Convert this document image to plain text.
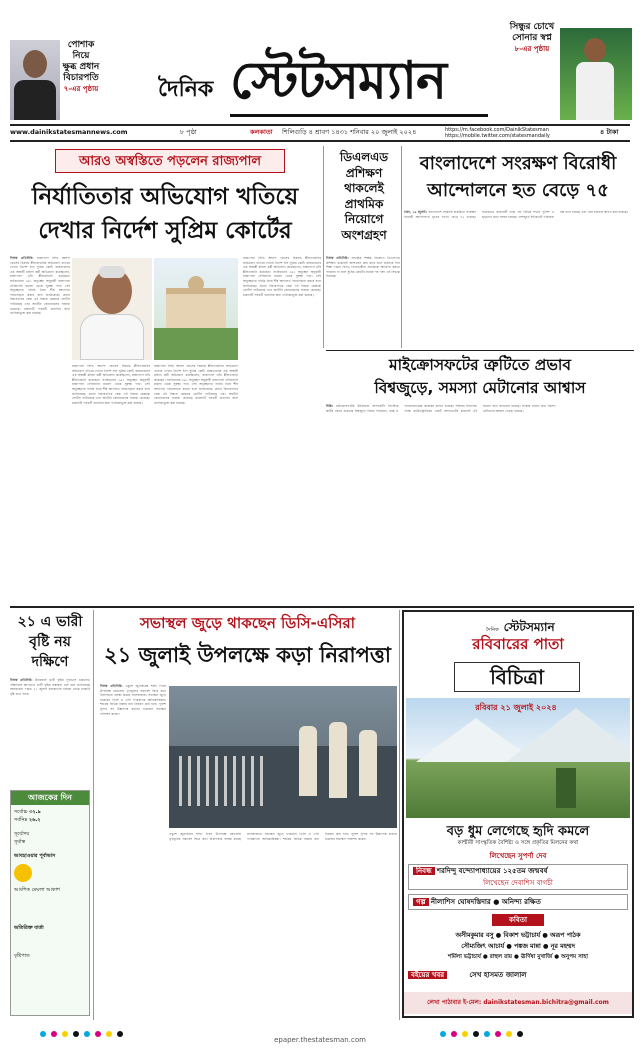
পোশাক নিয়ে
ক্ষুব্ধ প্রধান
বিচারপতি
৭-এর পৃষ্ঠায়	দৈনিক স্টেটসম্যান
সিন্ধুর চোখে
সোনার স্বপ্ন
৮-এর পৃষ্ঠায়
www.dainikstatesmannews.com	৮ পৃষ্ঠা	কলকাতা শিলিগুড়ি ৪ শ্রাবণ ১৪৩১ শনিবার ২০ জুলাই ২০২৪	৪ টাকা
https://m.facebook.com/DainikStatesman
https://mobile.twitter.com/statesmandaily
আরও অস্বস্তিতে পড়লেন রাজ্যপাল
নির্যাতিতার অভিযোগ খতিয়ে
দেখার নির্দেশ সুপ্রিম কোর্টের
নিজস্ব প্রতিনিধি: রাজ্যপাল সিভি আনন্দ বোসের বিরুদ্ধে শ্লীলতাহানির অভিযোগ খতিয়ে দেখার নির্দেশ দিল সুপ্রিম কোর্ট। রাজভবনের এক অস্থায়ী মহিলা কর্মী অভিযোগ করেছিলেন, রাজ্যপাল তাঁর শ্লীলতাহানি করেছেন। সংবিধানের ৩৬১ অনুচ্ছেদ অনুযায়ী রাজ্যপাল ফৌজদারি মামলা থেকে সুরক্ষা পান। সেই অনুচ্ছেদের পরিধি নিয়ে শীর্ষ আদালত পর্যালোচনা করবে বলে জানিয়েছে। প্রধান বিচারপতির বেঞ্চ এই বিষয়ে কেন্দ্রকে নোটিস পাঠিয়েছে এবং অ্যাটর্নি জেনারেলের সাহায্য চেয়েছে। মামলাটি পরবর্তী শুনানির জন্য তালিকাভুক্ত করা হয়েছে।
রাজ্যপাল সিভি আনন্দ বোসের বিরুদ্ধে শ্লীলতাহানির অভিযোগ খতিয়ে দেখার নির্দেশ দিল সুপ্রিম কোর্ট। রাজভবনের এক অস্থায়ী মহিলা কর্মী অভিযোগ করেছিলেন, রাজ্যপাল তাঁর শ্লীলতাহানি করেছেন। সংবিধানের ৩৬১ অনুচ্ছেদ অনুযায়ী রাজ্যপাল ফৌজদারি মামলা থেকে সুরক্ষা পান। সেই অনুচ্ছেদের পরিধি নিয়ে শীর্ষ আদালত পর্যালোচনা করবে বলে জানিয়েছে। প্রধান বিচারপতির বেঞ্চ এই বিষয়ে কেন্দ্রকে নোটিস পাঠিয়েছে এবং অ্যাটর্নি জেনারেলের সাহায্য চেয়েছে। মামলাটি পরবর্তী শুনানির জন্য তালিকাভুক্ত করা হয়েছে।
রাজ্যপাল সিভি আনন্দ বোসের বিরুদ্ধে শ্লীলতাহানির অভিযোগ খতিয়ে দেখার নির্দেশ দিল সুপ্রিম কোর্ট। রাজভবনের এক অস্থায়ী মহিলা কর্মী অভিযোগ করেছিলেন, রাজ্যপাল তাঁর শ্লীলতাহানি করেছেন। সংবিধানের ৩৬১ অনুচ্ছেদ অনুযায়ী রাজ্যপাল ফৌজদারি মামলা থেকে সুরক্ষা পান। সেই অনুচ্ছেদের পরিধি নিয়ে শীর্ষ আদালত পর্যালোচনা করবে বলে জানিয়েছে। প্রধান বিচারপতির বেঞ্চ এই বিষয়ে কেন্দ্রকে নোটিস পাঠিয়েছে এবং অ্যাটর্নি জেনারেলের সাহায্য চেয়েছে। মামলাটি পরবর্তী শুনানির জন্য তালিকাভুক্ত করা হয়েছে।
রাজ্যপাল সিভি আনন্দ বোসের বিরুদ্ধে শ্লীলতাহানির অভিযোগ খতিয়ে দেখার নির্দেশ দিল সুপ্রিম কোর্ট। রাজভবনের এক অস্থায়ী মহিলা কর্মী অভিযোগ করেছিলেন, রাজ্যপাল তাঁর শ্লীলতাহানি করেছেন। সংবিধানের ৩৬১ অনুচ্ছেদ অনুযায়ী রাজ্যপাল ফৌজদারি মামলা থেকে সুরক্ষা পান। সেই অনুচ্ছেদের পরিধি নিয়ে শীর্ষ আদালত পর্যালোচনা করবে বলে জানিয়েছে। প্রধান বিচারপতির বেঞ্চ এই বিষয়ে কেন্দ্রকে নোটিস পাঠিয়েছে এবং অ্যাটর্নি জেনারেলের সাহায্য চেয়েছে। মামলাটি পরবর্তী শুনানির জন্য তালিকাভুক্ত করা হয়েছে।
ডিএলএড প্রশিক্ষণ থাকলেই প্রাথমিক নিয়োগে অংশগ্রহণ
নিজস্ব প্রতিনিধি: প্রাথমিক শিক্ষক নিয়োগে ডিএলএড প্রশিক্ষণ থাকলেই অংশগ্রহণ করা যাবে বলে জানিয়ে দিল শিক্ষা দপ্তর। বিএড ডিগ্রিধারীরা প্রাথমিকে আবেদন করতে পারবেন না বলে সুপ্রিম কোর্টের রায়ের পর পর্ষদ এই সিদ্ধান্ত নিয়েছে।
বাংলাদেশে সংরক্ষণ বিরোধী
আন্দোলনে হত বেড়ে ৭৫
ঢাকা, ১৯ জুলাই: বাংলাদেশে সরকারি চাকরিতে সংরক্ষণ বিরোধী আন্দোলনে মৃতের সংখ্যা বেড়ে ৭৫ হয়েছে। শুক্রবারও রাজধানী ঢাকা সহ বিভিন্ন শহরে পুলিশ ও ছাত্রদের মধ্যে সংঘর্ষ হয়েছে। দেশজুড়ে ইন্টারনেট পরিষেবা বন্ধ রাখা হয়েছে এবং রেল চলাচল স্থগিত করা হয়েছে।
মাইক্রোসফটের ত্রুটিতে প্রভাব
বিশ্বজুড়ে, সমস্যা মেটানোর আশ্বাস
দিল্লি: মাইক্রোসফটের উইন্ডোজ অপারেটিং সিস্টেমে ত্রুটির জেরে শুক্রবার বিশ্বজুড়ে বিমান পরিষেবা, ব্যাঙ্ক ও সংবাদমাধ্যমের কাজকর্ম ব্যাহত হয়েছে। সাইবার নিরাপত্তা সংস্থা ক্রাউডস্ট্রাইকের একটি আপডেটের কারণেই এই সমস্যা বলে জানানো হয়েছে। সংস্থার তরফে দ্রুত সমস্যা মেটানোর আশ্বাস দেওয়া হয়েছে।
২১ এ ভারী বৃষ্টি নয় দক্ষিণে
নিজস্ব প্রতিনিধি: উত্তরবঙ্গে ভারী বৃষ্টির পূর্বাভাস থাকলেও দক্ষিণবঙ্গে আপাতত ভারী বৃষ্টির সম্ভাবনা নেই বলে জানিয়েছে আবহাওয়া দপ্তর। ২১ জুলাই কলকাতায় হালকা থেকে মাঝারি বৃষ্টি হতে পারে।
আজকের দিন
সর্বোচ্চ ৩২.৯
সর্বনিম্ন ২৬.২
সূর্যোদয়
সূর্যাস্ত
আবহাওয়ার পূর্বাভাস
আংশিক মেঘলা আকাশ
অতিরিক্ত বার্তা
বৃষ্টিপাত
সভাস্থল জুড়ে থাকছেন ডিসি-এসিরা
২১ জুলাই উপলক্ষে কড়া নিরাপত্তা
নিজস্ব প্রতিনিধি: একুশে জুলাইয়ের শহিদ দিবস উপলক্ষে ধর্মতলায় তৃণমূলের সমাবেশ ঘিরে কড়া নিরাপত্তার ব্যবস্থা করছে লালবাজার। সভাস্থল জুড়ে থাকবেন ডিসি ও এসি পদমর্যাদার আধিকারিকরা। শহরের বিভিন্ন রাস্তায় যান নিয়ন্ত্রণ করা হবে। পুলিশ সুপার সহ উচ্চপদস্থ কর্তারা শুক্রবার সভাস্থল পরিদর্শন করেন।
একুশে জুলাইয়ের শহিদ দিবস উপলক্ষে ধর্মতলায় তৃণমূলের সমাবেশ ঘিরে কড়া নিরাপত্তার ব্যবস্থা করছে লালবাজার। সভাস্থল জুড়ে থাকবেন ডিসি ও এসি পদমর্যাদার আধিকারিকরা। শহরের বিভিন্ন রাস্তায় যান নিয়ন্ত্রণ করা হবে। পুলিশ সুপার সহ উচ্চপদস্থ কর্তারা শুক্রবার সভাস্থল পরিদর্শন করেন।
দৈনিক স্টেটসম্যান
রবিবারের পাতা
বিচিত্রা
রবিবার ২১ জুলাই ২০২৪
বড় ধুম লেগেছে হৃদি কমলে
কাশ্মীরী সাংস্কৃতিক বৈশিষ্ট্য ও সঙ্গে প্রকৃতির মিলনের কথা
লিখেছেন সুপর্ণা দেব
নিবন্ধ শরদিন্দু বন্দ্যোপাধ্যায়ের ১২৫তম জন্মবর্ষ
লিখেছেন দেবাশিস বাগচী
গল্প নীলাশিস ঘোষদস্তিদার ● অনিন্দ্য রক্ষিত
কবিতা
অসীমকুমার বসু ● বিকাশ ভট্টাচার্য ● অরূপ পাঠক
সৌম্যজিৎ আচার্য ● পঙ্কজ মান্না ● নূর মহম্মদ
শর্মিলা ভট্টাচার্য ● রাহুল রায় ● ঊর্ণিষা মুখার্জি ● অনুপম সাহা
বইয়ের খবর	সেখ হাসমত জালাল
লেখা পাঠাবার ই-মেল: dainikstatesman.bichitra@gmail.com
epaper.thestatesman.com
